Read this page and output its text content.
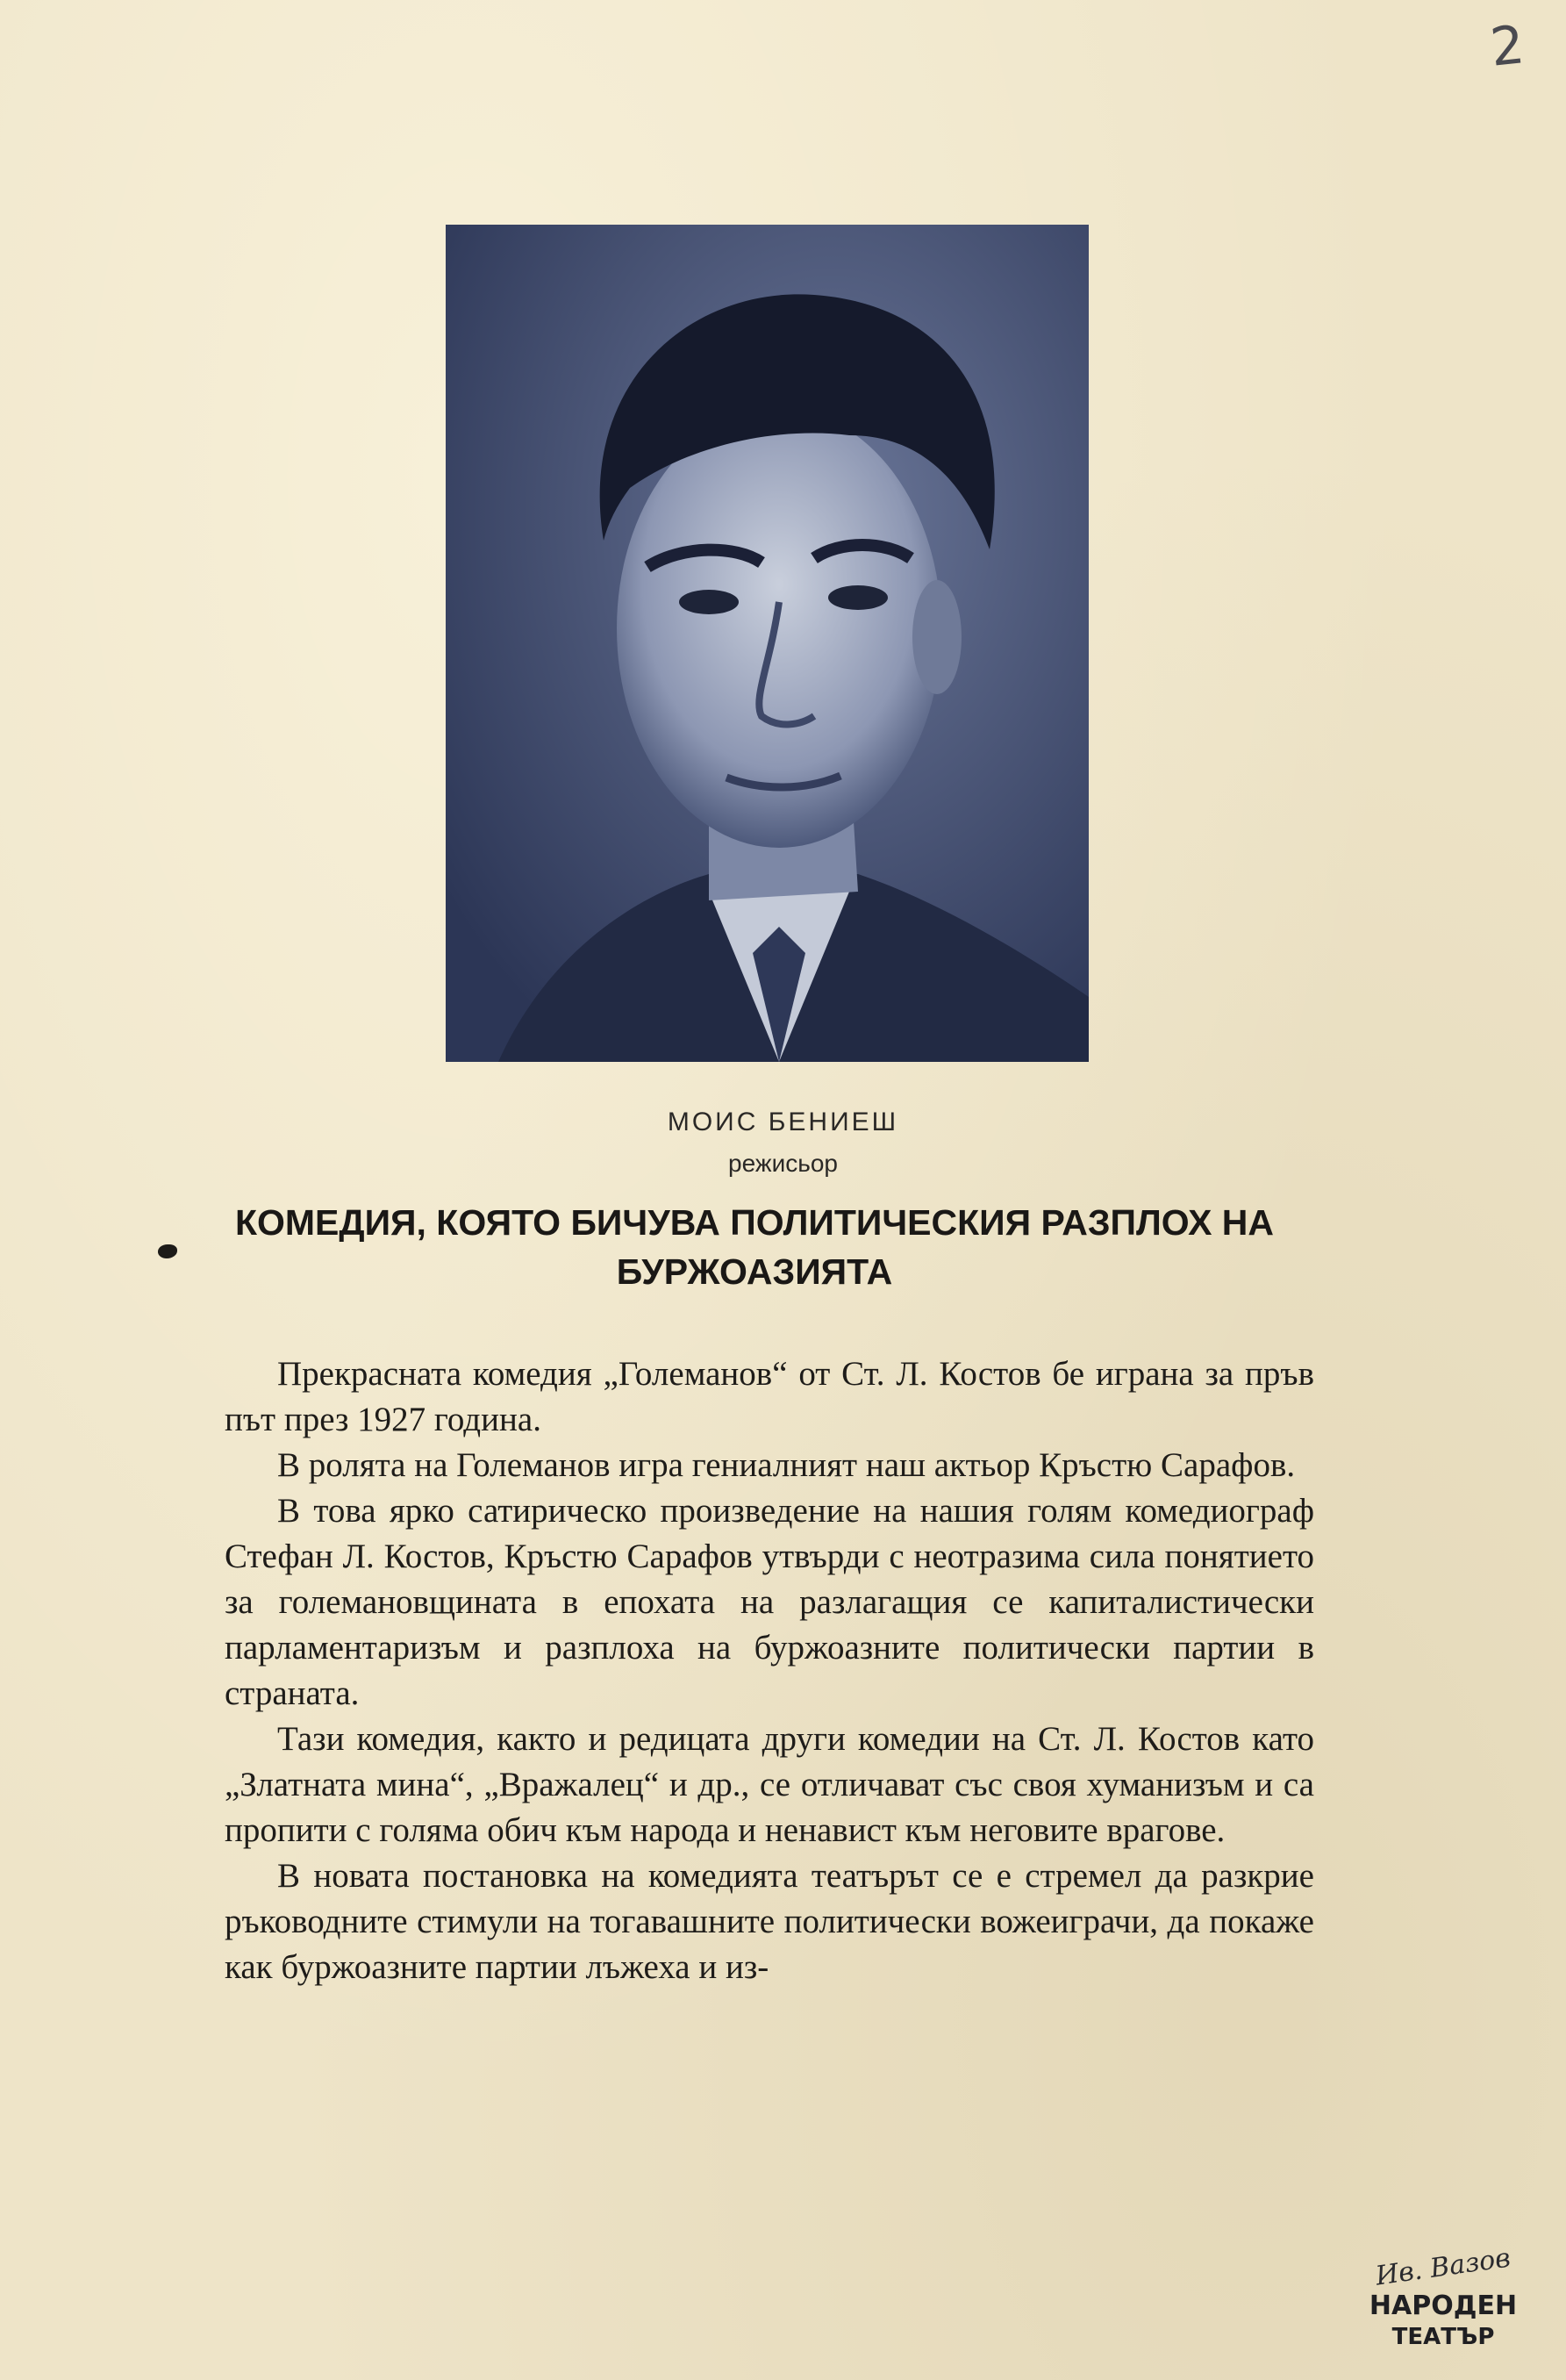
2
МОИС БЕНИЕШ
режисьор
КОМЕДИЯ, КОЯТО БИЧУВА ПОЛИТИЧЕСКИЯ РАЗПЛОХ НА БУРЖОАЗИЯТА

Прекрасната комедия „Големанов“ от Ст. Л. Костов бе играна за пръв път през 1927 година.

В ролята на Големанов игра гениалният наш актьор Кръстю Сарафов.

В това ярко сатирическо произведение на нашия голям комедиограф Стефан Л. Костов, Кръстю Сарафов утвърди с неотразима сила понятието за големановщината в епохата на разлагащия се капиталистически парламентаризъм и разплоха на буржоазните политически партии в страната.

Тази комедия, както и редицата други комедии на Ст. Л. Костов като „Златната мина“, „Вражалец“ и др., се отличават със своя хуманизъм и са пропити с голяма обич към народа и ненавист към неговите врагове.

В новата постановка на комедията театърът се е стремел да разкрие ръководните стимули на тогавашните политически вожеиграчи, да покаже как буржоазните партии лъжеха и из-

Ив. Вазов
НАРОДЕН
ТЕАТЪР
